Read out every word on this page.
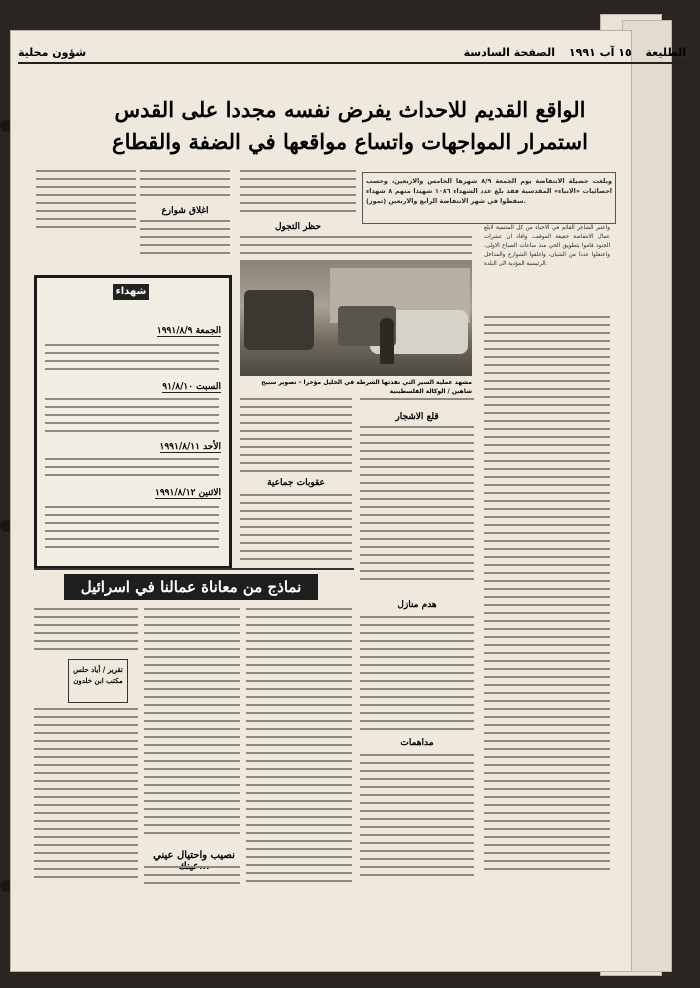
الطليعة ١٥ آب ١٩٩١ الصفحة السادسة
شؤون محلية
الواقع القديم للاحداث يفرض نفسه مجددا على القدس
استمرار المواجهات واتساع مواقعها في الضفة والقطاع
وبلغت حصيلة الانتفاضة يوم الجمعة ٨/٩ شهرها الخامس والاربعين، وحسب احصائيات «الانباء» المقدسية فقد بلغ عدد الشهداء ١٠٨٦ شهيدا منهم ٨ شهداء سقطوا في شهر الانتفاضة الرابع والاربعين (تموز).
واعتبر الشاعر القائم في الاحياء من كل المنتمية لابلغ عمال الانتفاضة حقيقة الموقف، وافاد ان عشرات الجنود قاموا بتطويق الحي منذ ساعات الصباح الاولى، واعتقلوا عددا من الشبان، واغلقوا الشوارع والمداخل الرئيسية المؤدية الى البلدة.
اغلاق شوارع
حظر التجول
مشهد عملية السير التي نفذتها الشرطة في الخليل مؤخرا – تصوير سبيح شاهين / الوكالة الفلسطينية
شهداء
الجمعة ١٩٩١/٨/٩
السبت ٩١/٨/١٠
الأحد ١٩٩١/٨/١١
الاثنين ١٩٩١/٨/١٢
عقوبات جماعية
قلع الاشجار
هدم منازل
مداهمات
نماذج من معاناة عمالنا في اسرائيل
تقرير / أياد حلس
مكتب ابن خلدون
نصيب واحتيال عيني
